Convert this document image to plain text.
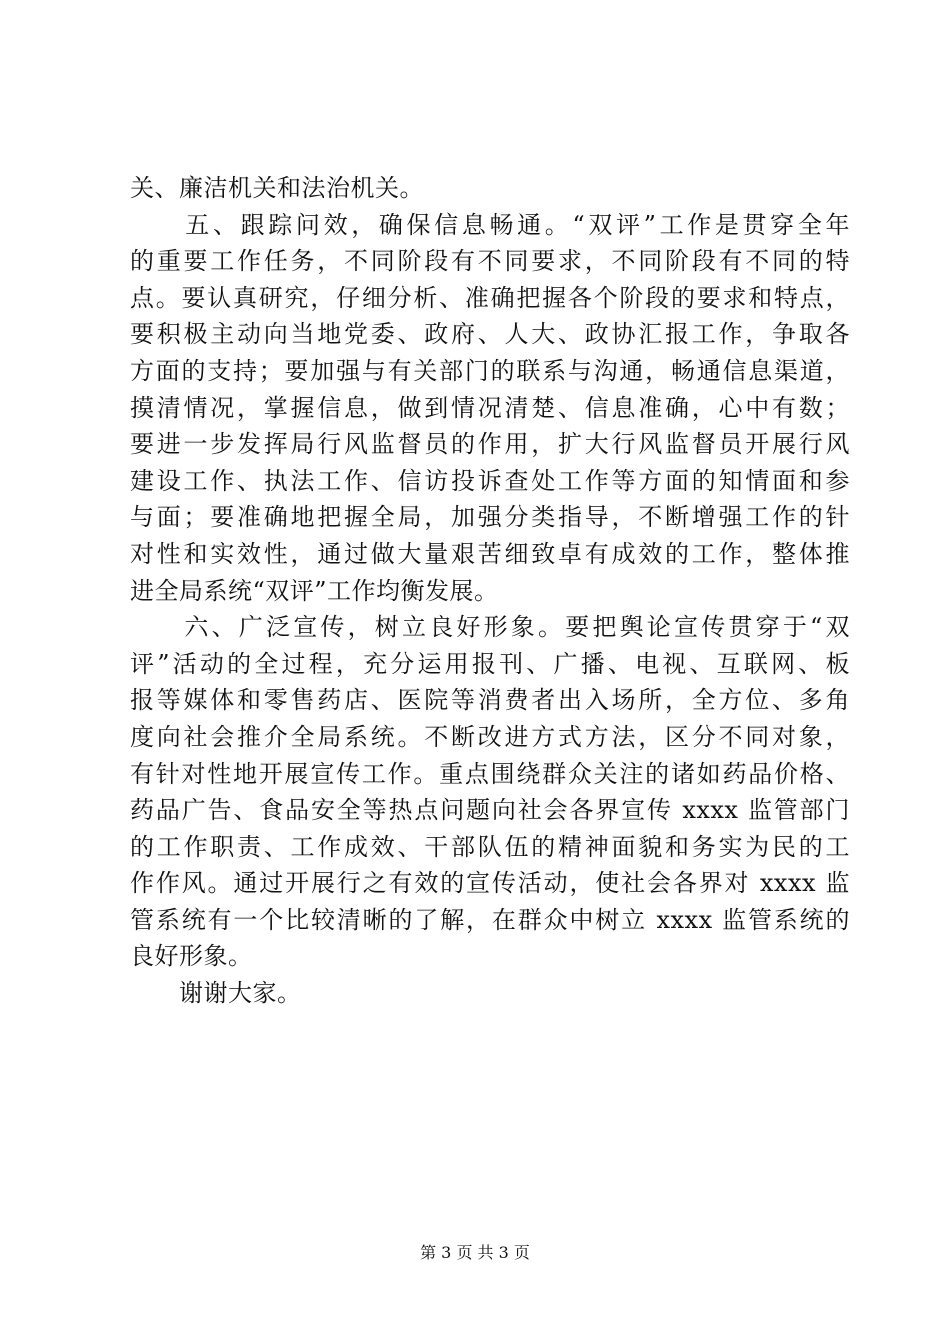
关、廉洁机关和法治机关。
　　五、跟踪问效，确保信息畅通。“双评”工作是贯穿全年
的重要工作任务，不同阶段有不同要求，不同阶段有不同的特
点。要认真研究，仔细分析、准确把握各个阶段的要求和特点，
要积极主动向当地党委、政府、人大、政协汇报工作，争取各
方面的支持；要加强与有关部门的联系与沟通，畅通信息渠道，
摸清情况，掌握信息，做到情况清楚、信息准确，心中有数；
要进一步发挥局行风监督员的作用，扩大行风监督员开展行风
建设工作、执法工作、信访投诉查处工作等方面的知情面和参
与面；要准确地把握全局，加强分类指导，不断增强工作的针
对性和实效性，通过做大量艰苦细致卓有成效的工作，整体推
进全局系统“双评”工作均衡发展。
　　六、广泛宣传，树立良好形象。要把舆论宣传贯穿于“双
评”活动的全过程，充分运用报刊、广播、电视、互联网、板
报等媒体和零售药店、医院等消费者出入场所，全方位、多角
度向社会推介全局系统。不断改进方式方法，区分不同对象，
有针对性地开展宣传工作。重点围绕群众关注的诸如药品价格、
药品广告、食品安全等热点问题向社会各界宣传 xxxx 监管部门
的工作职责、工作成效、干部队伍的精神面貌和务实为民的工
作作风。通过开展行之有效的宣传活动，使社会各界对 xxxx 监
管系统有一个比较清晰的了解，在群众中树立 xxxx 监管系统的
良好形象。
　　谢谢大家。
第 3 页 共 3 页
